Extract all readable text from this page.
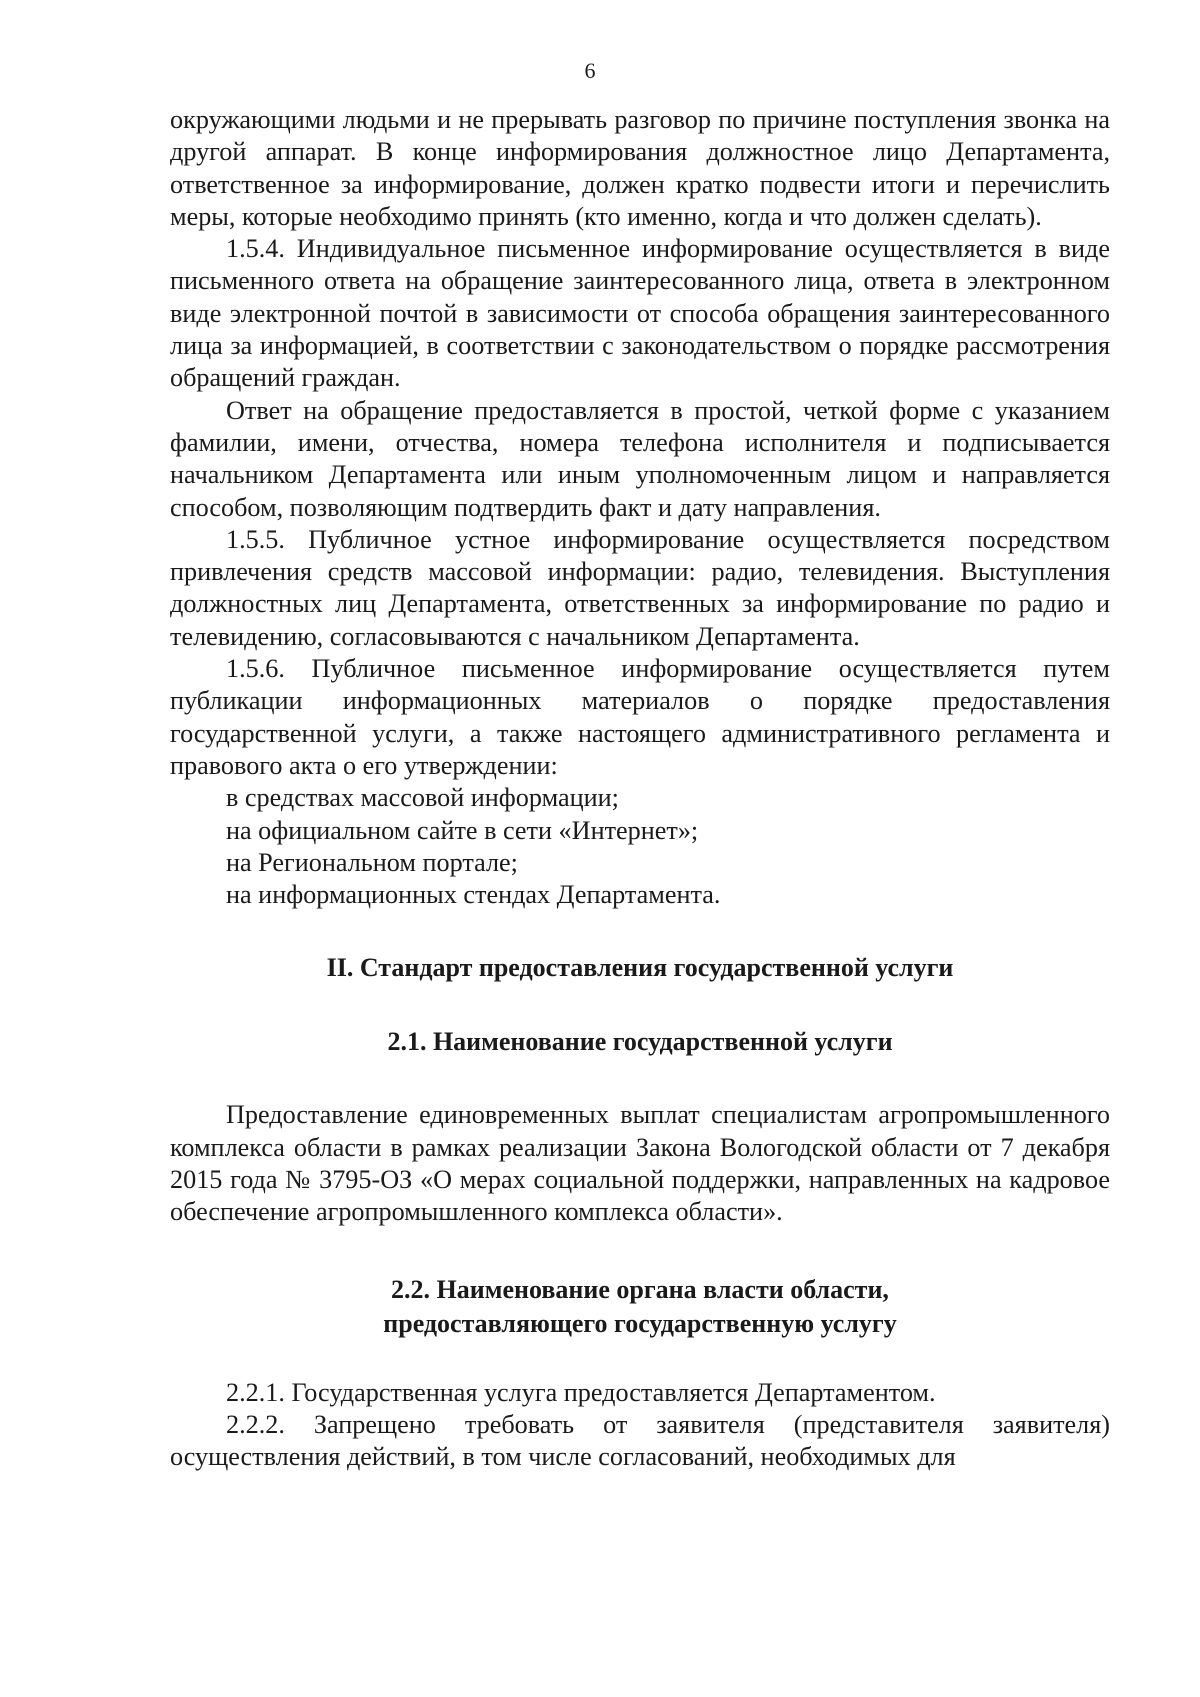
6

окружающими людьми и не прерывать разговор по причине поступления звонка на другой аппарат. В конце информирования должностное лицо Департамента, ответственное за информирование, должен кратко подвести итоги и перечислить меры, которые необходимо принять (кто именно, когда и что должен сделать).

1.5.4. Индивидуальное письменное информирование осуществляется в виде письменного ответа на обращение заинтересованного лица, ответа в электронном виде электронной почтой в зависимости от способа обращения заинтересованного лица за информацией, в соответствии с законодательством о порядке рассмотрения обращений граждан.

Ответ на обращение предоставляется в простой, четкой форме с указанием фамилии, имени, отчества, номера телефона исполнителя и подписывается начальником Департамента или иным уполномоченным лицом и направляется способом, позволяющим подтвердить факт и дату направления.

1.5.5. Публичное устное информирование осуществляется посредством привлечения средств массовой информации: радио, телевидения. Выступления должностных лиц Департамента, ответственных за информирование по радио и телевидению, согласовываются с начальником Департамента.

1.5.6. Публичное письменное информирование осуществляется путем публикации информационных материалов о порядке предоставления государственной услуги, а также настоящего административного регламента и правового акта о его утверждении:

в средствах массовой информации;

на официальном сайте в сети «Интернет»;

на Региональном портале;

на информационных стендах Департамента.

II. Стандарт предоставления государственной услуги

2.1. Наименование государственной услуги

Предоставление единовременных выплат специалистам агропромышленного комплекса области в рамках реализации Закона Вологодской области от 7 декабря 2015 года № 3795-ОЗ «О мерах социальной поддержки, направленных на кадровое обеспечение агропромышленного комплекса области».

2.2. Наименование органа власти области,

предоставляющего государственную услугу

2.2.1. Государственная услуга предоставляется Департаментом.

2.2.2. Запрещено требовать от заявителя (представителя заявителя) осуществления действий, в том числе согласований, необходимых для
